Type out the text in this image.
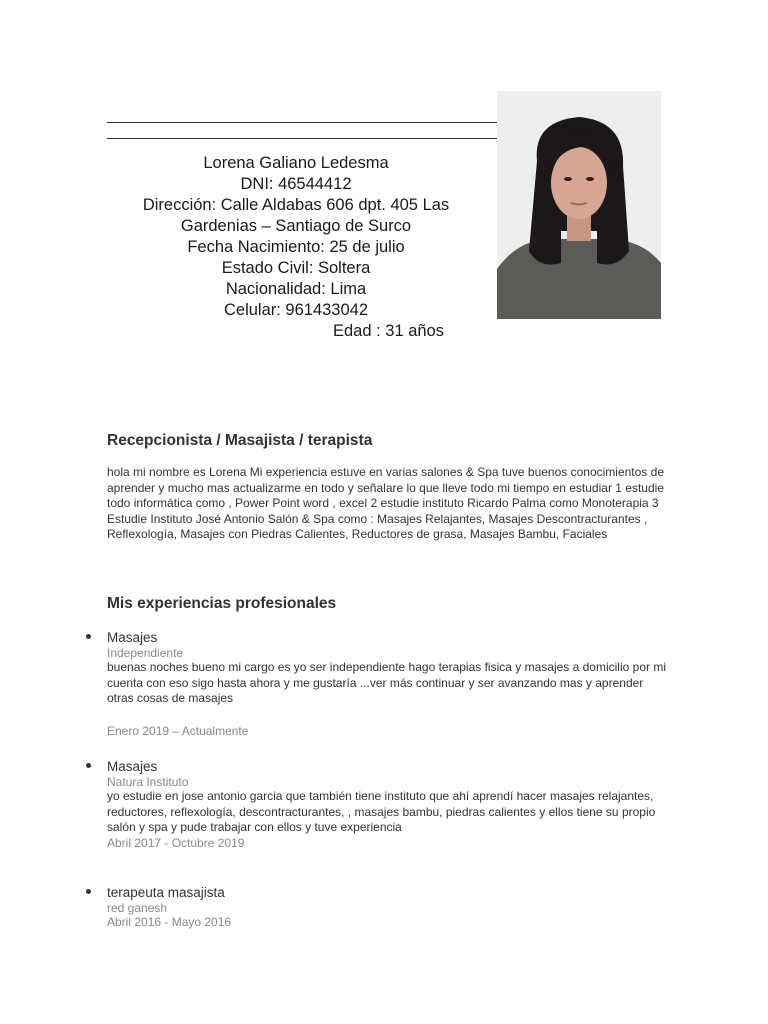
Lorena Galiano Ledesma
DNI: 46544412
Dirección: Calle Aldabas 606 dpt. 405 Las Gardenias – Santiago de Surco
Fecha Nacimiento: 25 de julio
Estado Civil: Soltera
Nacionalidad: Lima
Celular: 961433042
Edad : 31 años
Recepcionista / Masajista / terapista
hola mi nombre es Lorena Mi experiencia estuve en varias salones & Spa tuve buenos conocimientos de aprender y mucho mas actualizarme en todo y señalare lo que lleve todo mi tiempo en estudiar 1 estudie todo informática como , Power Point word , excel 2 estudie instituto Ricardo Palma como Monoterapia 3 Estudie Instituto José Antonio Salón & Spa como : Masajes Relajantes, Masajes Descontracturantes , Reflexología, Masajes con Piedras Calientes, Reductores de grasa, Masajes Bambu, Faciales
Mis experiencias profesionales
Masajes
Independiente
buenas noches bueno mi cargo es yo ser independiente hago terapias fisica y masajes a domicilio por mi cuenta con eso sigo hasta ahora y me gustaría ...ver más continuar y ser avanzando mas y aprender otras cosas de masajes
Enero 2019 – Actualmente
Masajes
Natura Instituto
yo estudie en jose antonio garcia que también tiene instituto que ahí aprendí hacer masajes relajantes, reductores, reflexología, descontracturantes, , masajes bambu, piedras calientes y ellos tiene su propio salón y spa y pude trabajar con ellos y tuve experiencia
Abril 2017 - Octubre 2019
terapeuta masajista
red ganesh
Abril 2016 - Mayo 2016
